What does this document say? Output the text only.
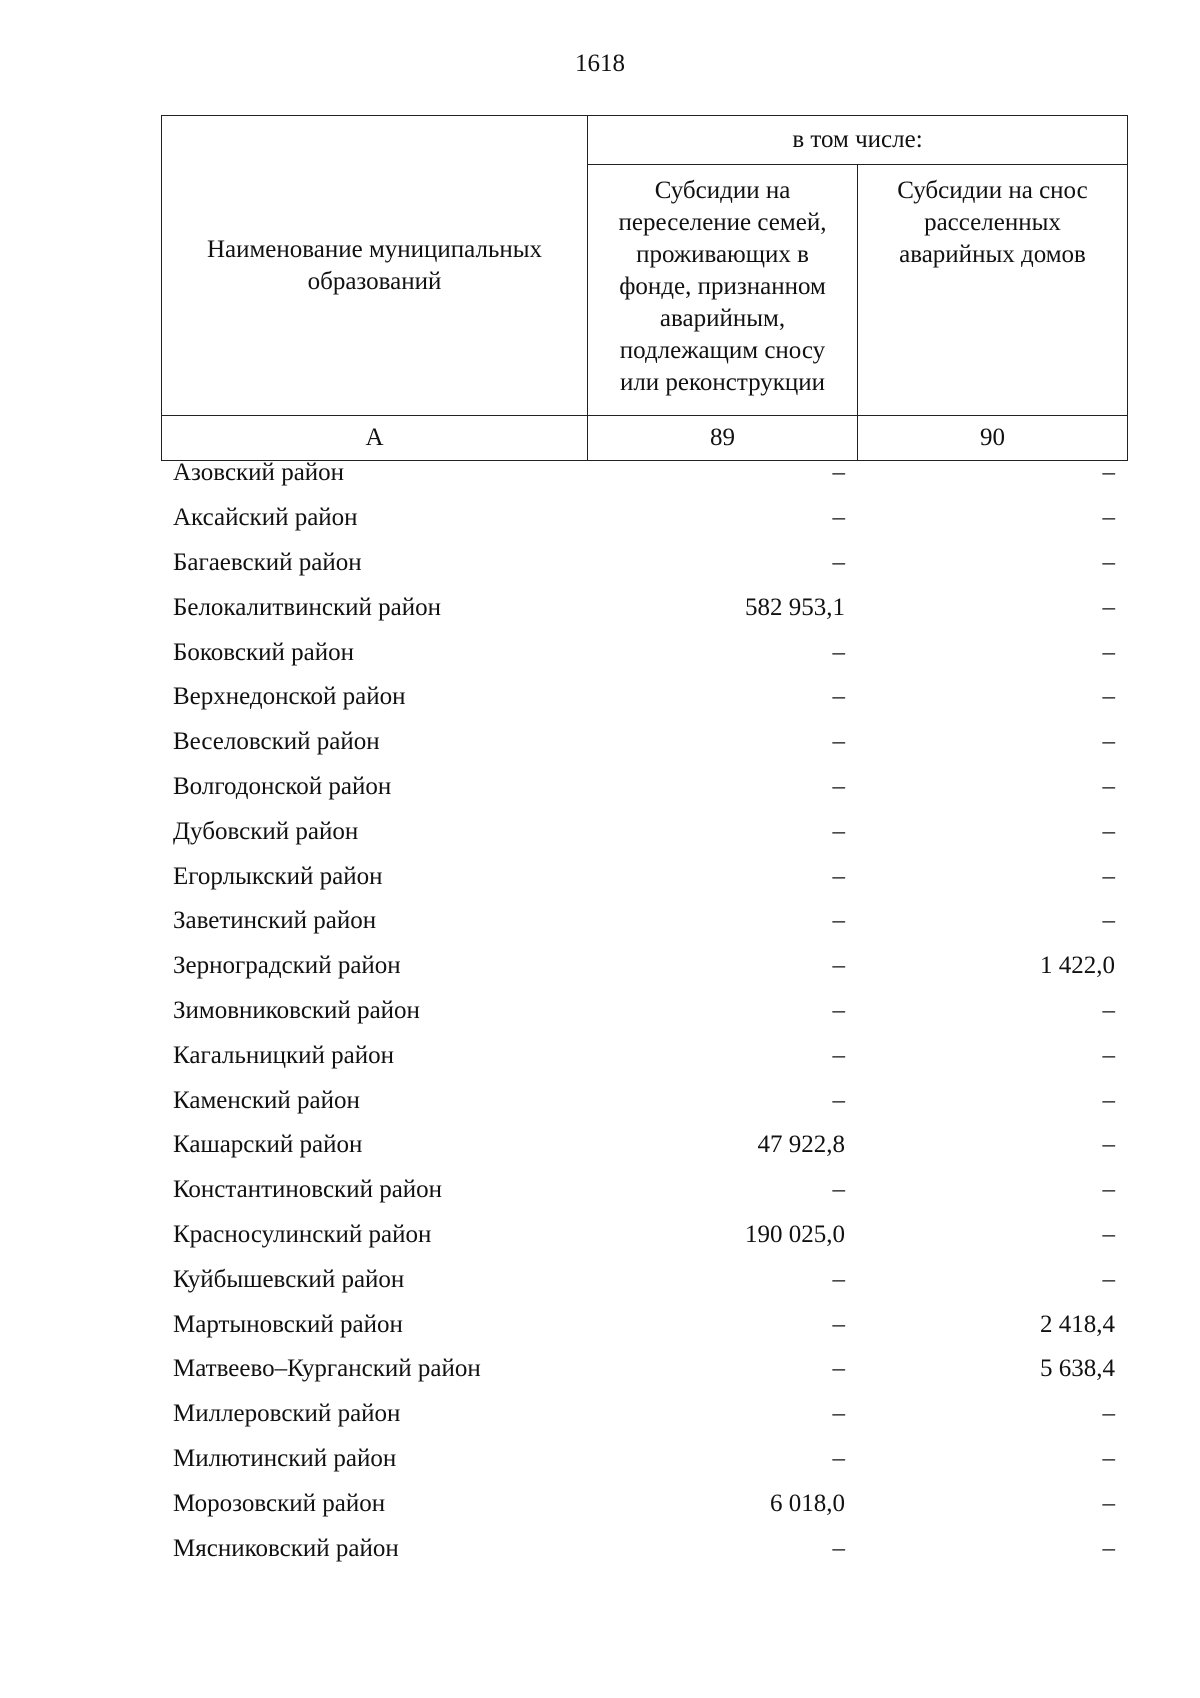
1618
Наименование муниципальных образований	в том числе:	

	Субсидии на переселение семей, проживающих в фонде, признанном аварийным, подлежащим сносу или реконструкции	Субсидии на снос расселенных аварийных домов

А	89	90
Азовский район	–	–
Аксайский район	–	–
Багаевский район	–	–
Белокалитвинский район	582 953,1	–
Боковский район	–	–
Верхнедонской район	–	–
Веселовский район	–	–
Волгодонской район	–	–
Дубовский район	–	–
Егорлыкский район	–	–
Заветинский район	–	–
Зерноградский район	–	1 422,0
Зимовниковский район	–	–
Кагальницкий район	–	–
Каменский район	–	–
Кашарский район	47 922,8	–
Константиновский район	–	–
Красносулинский район	190 025,0	–
Куйбышевский район	–	–
Мартыновский район	–	2 418,4
Матвеево–Курганский район	–	5 638,4
Миллеровский район	–	–
Милютинский район	–	–
Морозовский район	6 018,0	–
Мясниковский район	–	–
